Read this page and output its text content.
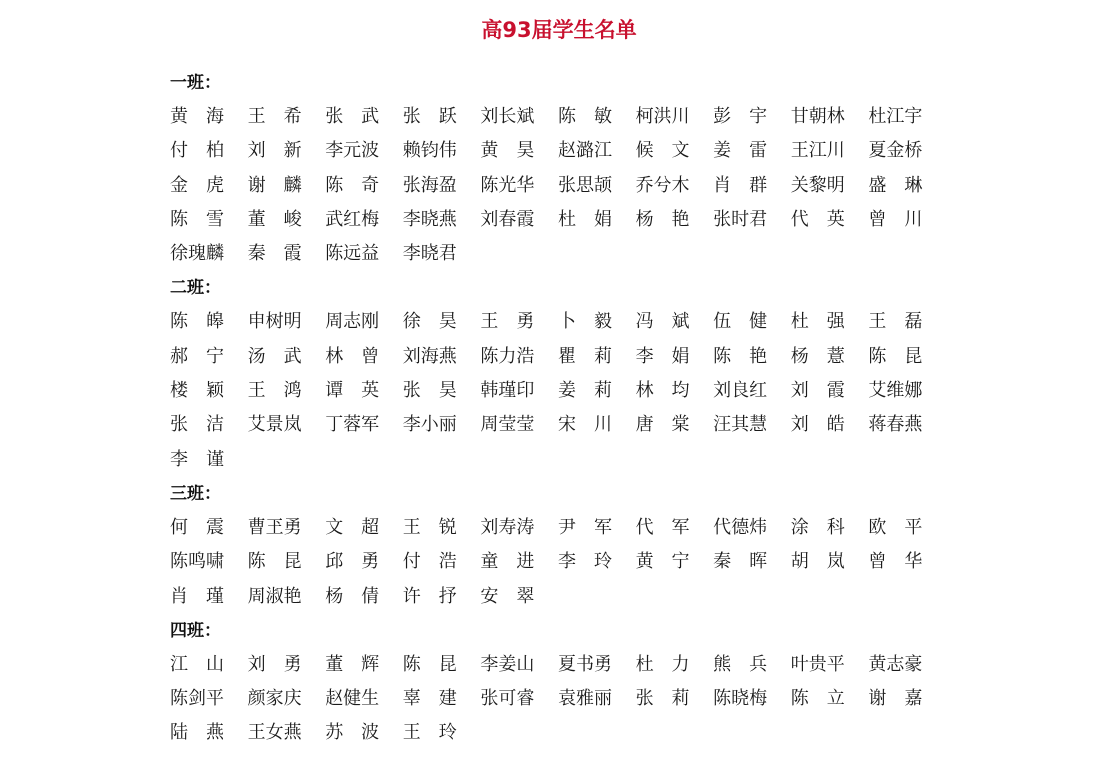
高93届学生名单
一班：
黄　海 王　希 张　武 张　跃 刘长斌 陈　敏 柯洪川 彭　宇 甘朝林 杜江宇
付　柏 刘　新 李元波 赖钧伟 黄　昊 赵潞江 候　文 姜　雷 王江川 夏金桥
金　虎 谢　麟 陈　奇 张海盈 陈光华 张思颉 乔兮木 肖　群 关黎明 盛　琳
陈　雪 董　峻 武红梅 李晓燕 刘春霞 杜　娟 杨　艳 张时君 代　英 曾　川
徐瑰麟 秦　霞 陈远益 李晓君
二班：
陈　皞 申树明 周志刚 徐　昊 王　勇 卜　毅 冯　斌 伍　健 杜　强 王　磊
郝　宁 汤　武 林　曾 刘海燕 陈力浩 瞿　莉 李　娟 陈　艳 杨　薏 陈　昆
楼　颖 王　鸿 谭　英 张　昊 韩瑾印 姜　莉 林　均 刘良红 刘　霞 艾维娜
张　洁 艾景岚 丁蓉军 李小丽 周莹莹 宋　川 唐　棠 汪其慧 刘　皓 蒋春燕
李　谨
三班：
何　震 曹玊勇 文　超 王　锐 刘寿涛 尹　军 代　军 代德炜 涂　科 欧　平
陈鸣啸 陈　昆 邱　勇 付　浩 童　进 李　玲 黄　宁 秦　晖 胡　岚 曾　华
肖　瑾 周淑艳 杨　倩 许　抒 安　翠
四班：
江　山 刘　勇 董　辉 陈　昆 李姜山 夏书勇 杜　力 熊　兵 叶贵平 黄志豪
陈剑平 颜家庆 赵健生 辜　建 张可睿 袁雅丽 张　莉 陈晓梅 陈　立 谢　嘉
陆　燕 王女燕 苏　波 王　玲
